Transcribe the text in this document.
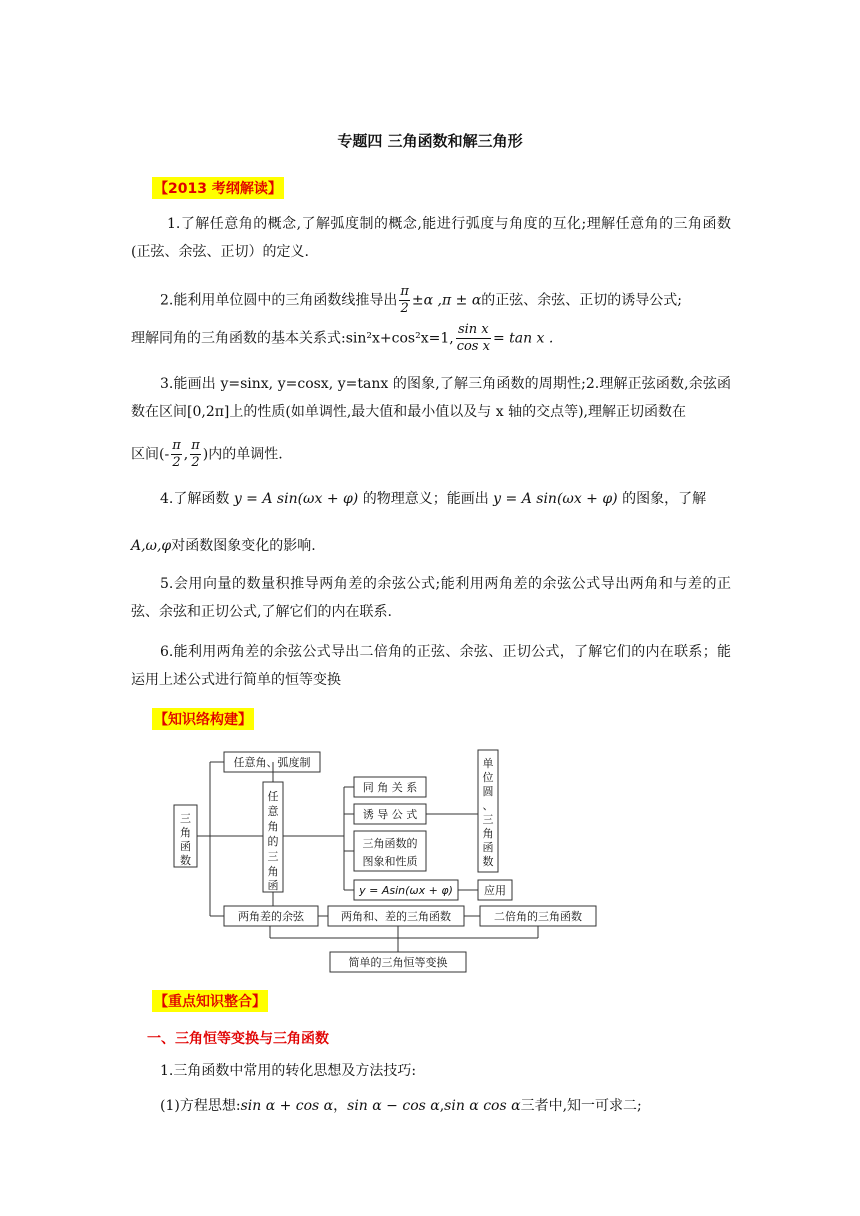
专题四 三角函数和解三角形
【2013 考纲解读】
1.了解任意角的概念,了解弧度制的概念,能进行弧度与角度的互化;理解任意角的三角函数(正弦、余弦、正切）的定义.
2.能利用单位圆中的三角函数线推导出 $\frac{\pi}{2} \pm\alpha$ ,π ± α的正弦、余弦、正切的诱导公式;
理解同角的三角函数的基本关系式:sin²x+cos²x=1, $\frac{\text{sin x}}{\text{cos x}} = \tan x$ .
3.能画出 y=sinx, y=cosx, y=tanx 的图象,了解三角函数的周期性;2.理解正弦函数,余弦函数在区间[0,2π]上的性质(如单调性,最大值和最小值以及与 x 轴的交点等),理解正切函数在
区间(- $\frac{\pi}{2}$ , $\frac{\pi}{2}$ )内的单调性.
4.了解函数 y = A sin(ωx + φ) 的物理意义；能画出 y = A sin(ωx + φ) 的图象，了解
A,ω,φ对函数图象变化的影响.
5.会用向量的数量积推导两角差的余弦公式;能利用两角差的余弦公式导出两角和与差的正弦、余弦和正切公式,了解它们的内在联系.
6.能利用两角差的余弦公式导出二倍角的正弦、余弦、正切公式，了解它们的内在联系；能运用上述公式进行简单的恒等变换
【知识络构建】
三
角
函
数
任意角、弧度制
任
意
角
的
三
角
函
同 角 关 系
诱 导 公 式
三角函数的
图象和性质
y = Asin(ωx + φ)
单
位
圆
、
三
角
函
数
应用
两角差的余弦	两角和、差的三角函数	二倍角的三角函数
简单的三角恒等变换
【重点知识整合】
一、三角恒等变换与三角函数
1.三角函数中常用的转化思想及方法技巧:
(1)方程思想:sin α + cos α，sin α − cos α,sin α cos α三者中,知一可求二;
